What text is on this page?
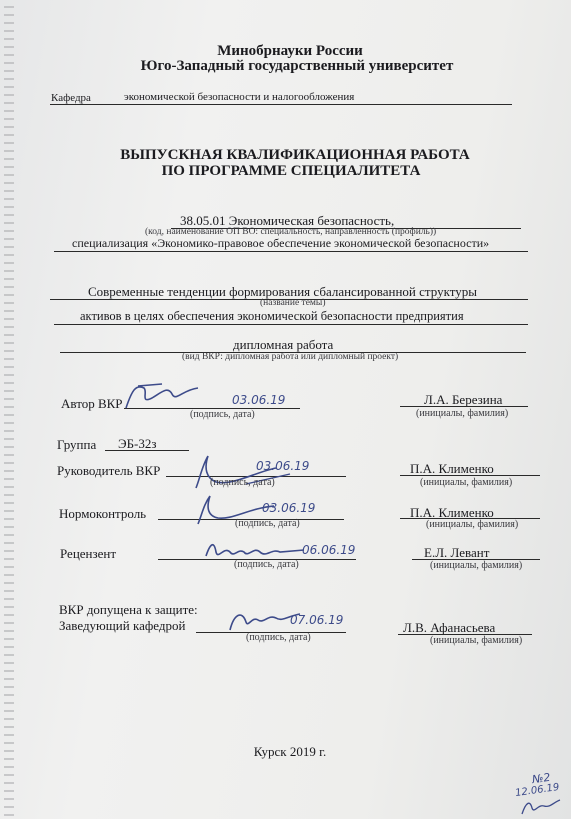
Минобрнауки России
Юго-Западный государственный университет
Кафедра	экономической безопасности и налогообложения
ВЫПУСКНАЯ КВАЛИФИКАЦИОННАЯ РАБОТА
ПО ПРОГРАММЕ СПЕЦИАЛИТЕТА
38.05.01 Экономическая безопасность,
(код, наименование ОП ВО: специальность, направленность (профиль))
специализация «Экономико-правовое обеспечение экономической безопасности»
Современные тенденции формирования сбалансированной структуры
(название темы)
активов в целях обеспечения экономической безопасности предприятия
дипломная работа
(вид ВКР: дипломная работа или дипломный проект)
Автор ВКР	03.06.19
(подпись, дата)
Л.А. Березина
(инициалы, фамилия)
Группа ЭБ-32з
Руководитель ВКР	03.06.19
(подпись, дата)
П.А. Клименко
(инициалы, фамилия)
Нормоконтроль	03.06.19
(подпись, дата)
П.А. Клименко
(инициалы, фамилия)
Рецензент	06.06.19
(подпись, дата)
Е.Л. Левант
(инициалы, фамилия)
ВКР допущена к защите:
Заведующий кафедрой	07.06.19
(подпись, дата)
Л.В. Афанасьева
(инициалы, фамилия)
Курск 2019 г.
№2
12.06.19
